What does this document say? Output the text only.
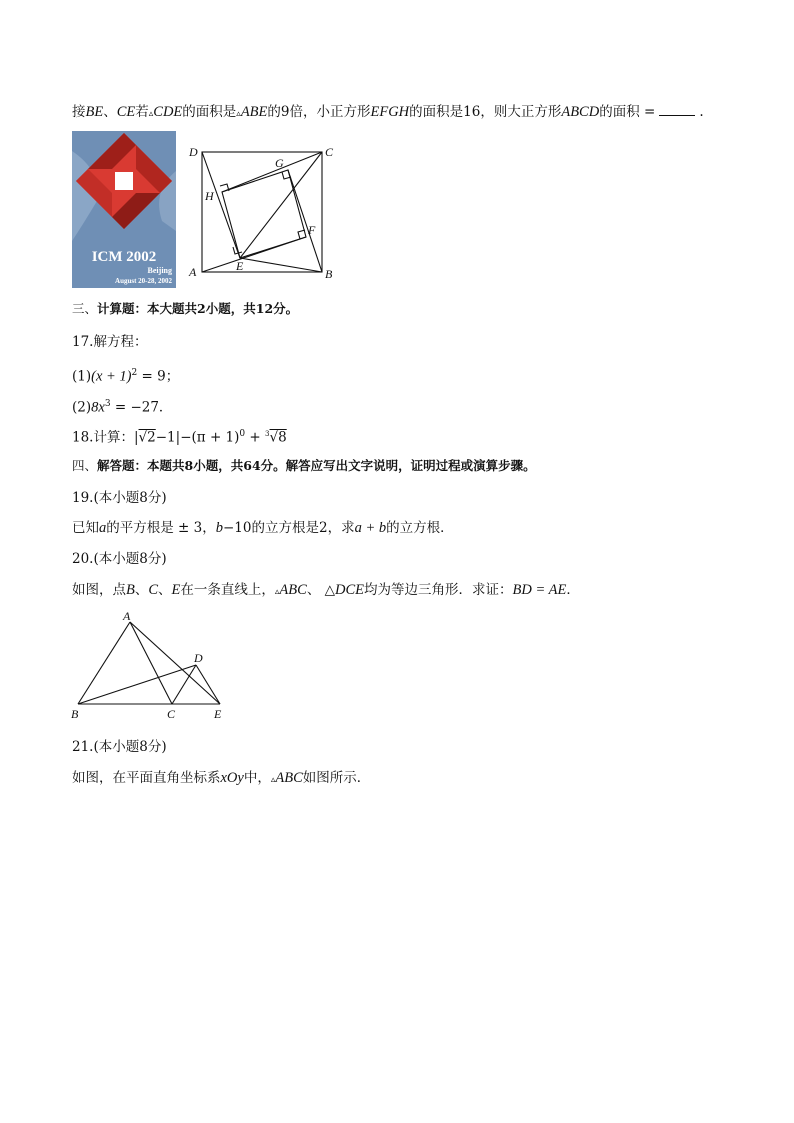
接BE、CE若▵CDE的面积是▵ABE的9倍，小正方形EFGH的面积是16，则大正方形ABCD的面积 =	.

ICM 2002
Beijing
August 20-28, 2002
D	C
A	B
E
F
G
H

三、计算题：本大题共2小题，共12分。

17.解方程：

$(1)(x + 1)^2 = 9$；

$(2)8x^3 = -27$．

18.计算：$|√2-1|-(\pi + 1)^0 + ^3√8$

四、解答题：本题共8小题，共64分。解答应写出文字说明，证明过程或演算步骤。

19.(本小题8分)

已知a的平方根是 ± 3，b−10的立方根是2，求a + b的立方根．

20.(本小题8分)

如图，点B、C、E在一条直线上，▵ABC、 △DCE均为等边三角形．求证：BD = AE．

A
B	C
D
E

21.(本小题8分)

如图，在平面直角坐标系xOy中，▵ABC如图所示．
